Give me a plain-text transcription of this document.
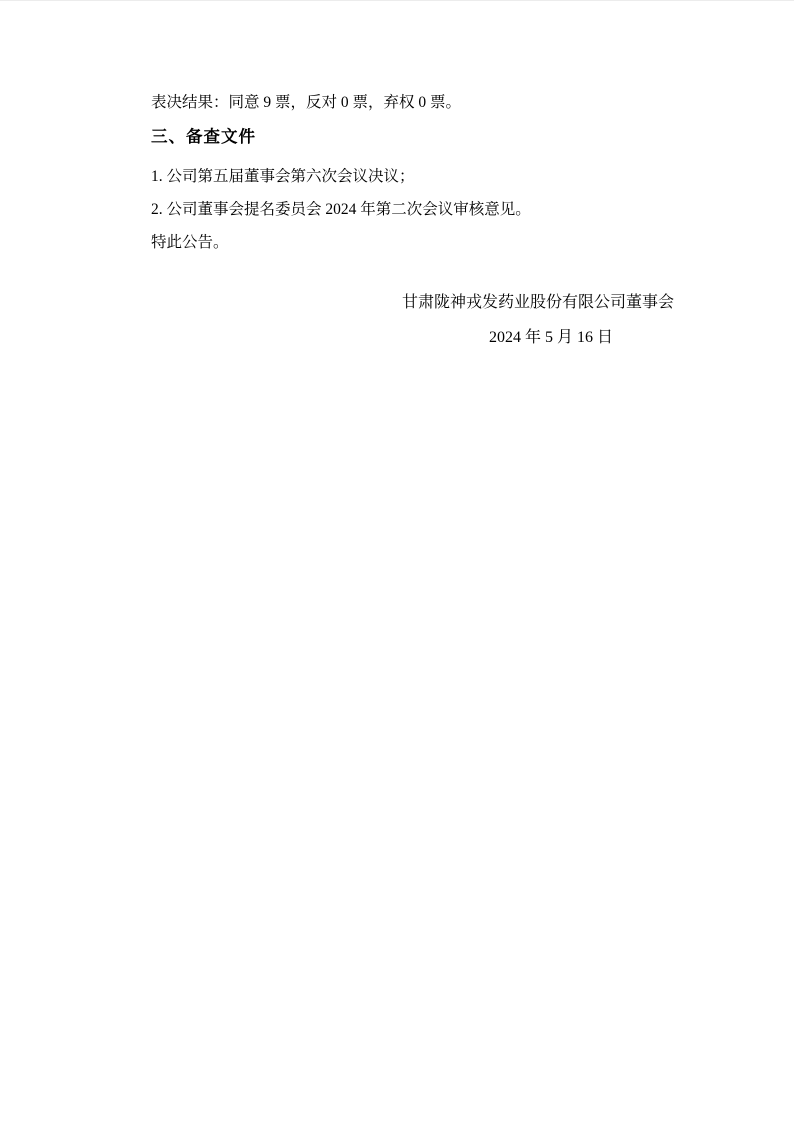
表决结果：同意 9 票，反对 0 票，弃权 0 票。

三、备查文件

1. 公司第五届董事会第六次会议决议；

2. 公司董事会提名委员会 2024 年第二次会议审核意见。

特此公告。

甘肃陇神戎发药业股份有限公司董事会

2024 年 5 月 16 日
